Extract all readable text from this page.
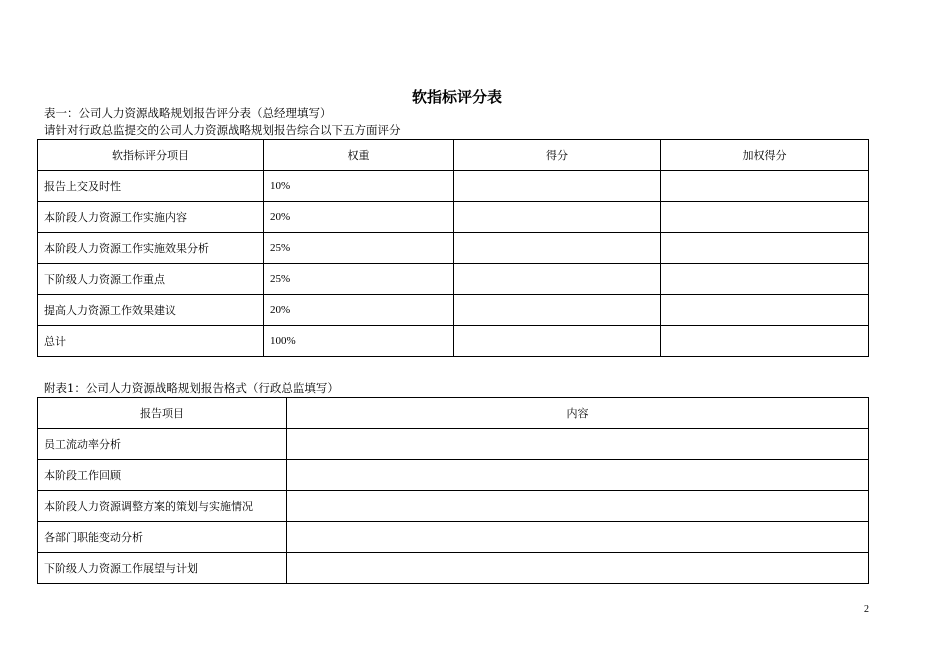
软指标评分表
表一：公司人力资源战略规划报告评分表（总经理填写）
请针对行政总监提交的公司人力资源战略规划报告综合以下五方面评分
软指标评分项目	权重	得分	加权得分
报告上交及时性	10%		
本阶段人力资源工作实施内容	20%		
本阶段人力资源工作实施效果分析	25%		
下阶级人力资源工作重点	25%		
提高人力资源工作效果建议	20%		
总计	100%		
附表1：公司人力资源战略规划报告格式（行政总监填写）
报告项目	内容
员工流动率分析	
本阶段工作回顾	
本阶段人力资源调整方案的策划与实施情况	
各部门职能变动分析	
下阶级人力资源工作展望与计划	
2
